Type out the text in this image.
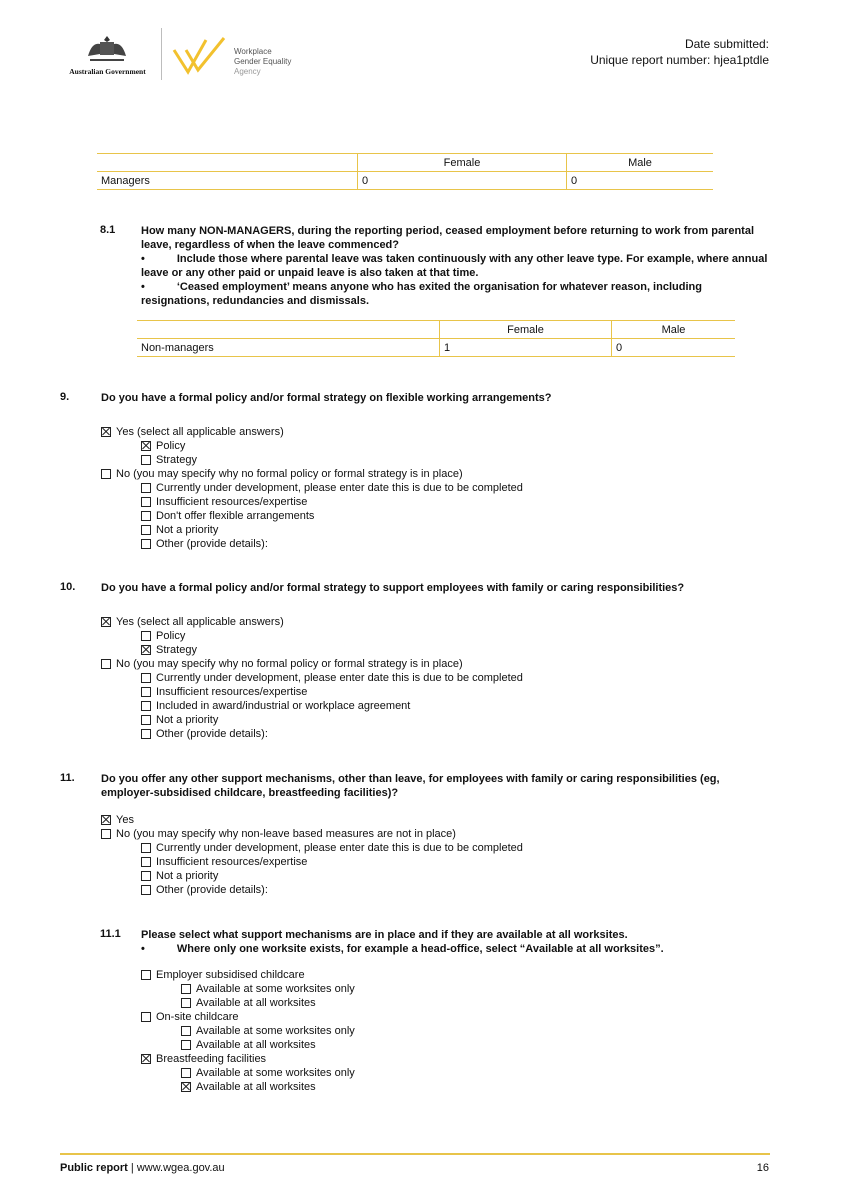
Australian Government
Workplace
Gender Equality
Agency
Date submitted:
Unique report number: hjea1ptdle
	Female	Male
Managers	0	0
8.1 How many NON-MANAGERS, during the reporting period, ceased employment before returning to work from parental leave, regardless of when the leave commenced?
•	Include those where parental leave was taken continuously with any other leave type. For example, where annual leave or any other paid or unpaid leave is also taken at that time.
•	‘Ceased employment’ means anyone who has exited the organisation for whatever reason, including resignations, redundancies and dismissals.
	Female	Male
Non-managers	1	0
9.	Do you have a formal policy and/or formal strategy on flexible working arrangements?
Yes (select all applicable answers)
Policy
Strategy
No (you may specify why no formal policy or formal strategy is in place)
Currently under development, please enter date this is due to be completed
Insufficient resources/expertise
Don't offer flexible arrangements
Not a priority
Other (provide details):
10. Do you have a formal policy and/or formal strategy to support employees with family or caring responsibilities?
Yes (select all applicable answers)
Policy
Strategy
No (you may specify why no formal policy or formal strategy is in place)
Currently under development, please enter date this is due to be completed
Insufficient resources/expertise
Included in award/industrial or workplace agreement
Not a priority
Other (provide details):
11. Do you offer any other support mechanisms, other than leave, for employees with family or caring responsibilities (eg, employer-subsidised childcare, breastfeeding facilities)?
Yes
No (you may specify why non-leave based measures are not in place)
Currently under development, please enter date this is due to be completed
Insufficient resources/expertise
Not a priority
Other (provide details):
11.1 Please select what support mechanisms are in place and if they are available at all worksites.
•	Where only one worksite exists, for example a head-office, select “Available at all worksites”.
Employer subsidised childcare
Available at some worksites only
Available at all worksites
On-site childcare
Available at some worksites only
Available at all worksites
Breastfeeding facilities
Available at some worksites only
Available at all worksites
Public report | www.wgea.gov.au	16
